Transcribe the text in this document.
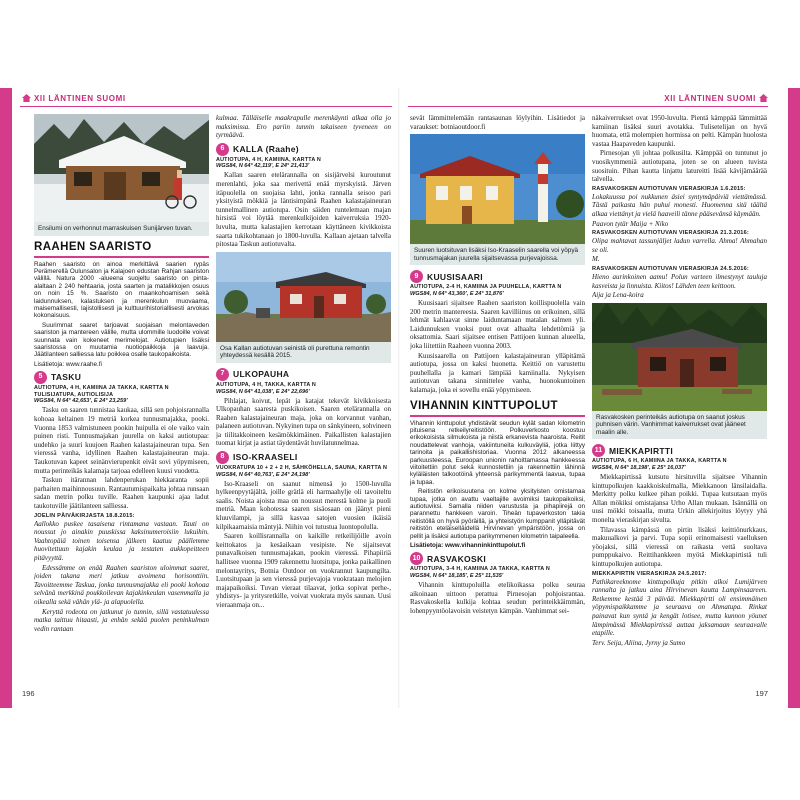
XII LÄNTINEN SUOMI
Ensilumi on verhonnut marraskuisen Sunijärven tuvan.
RAAHEN SAARISTO
Raahen saaristo on ainoa merkittävä saarien rypäs Perämerellä Oulunsalon ja Kalajoen edustan Rahjan saariston välillä. Natura 2000 -alueena suojeltu saaristo on pinta-alaltaan 2 240 hehtaaria, josta saarten ja matalikkojen osuus on noin 15 %. Saaristo on maankohoamisen sekä laidunnuksen, kalastuksen ja merenkulun muovaama, maisemallisesti, lajistollisesti ja kulttuurihistoriallisesti arvokas kokonaisuus.
Suurimmat saaret tarjoavat suojaisan melontaveden saariston ja mantereen välille, mutta ulommille luodoille voivat suunnata vain kokeneet merimelojat. Autiotupien lisäksi saaristossa on muutamia nuotiopaikkoja ja laavuja. Jäätilanteen salliessa latu poikkea osalle taukopaikoista.
Lisätietoja: www.raahe.fi
5	TASKU
AUTIOTUPA, 4 H, KAMIINA JA TAKKA, KARTTA N TULISIJATUPA, AUTIOLISIJA
WGS84, N 64° 42,653', E 24° 23,259'

Tasku on saaren tunnistaa kaukaa, sillä sen pohjoisrannalla kohoaa keltainen 19 metriä korkea tunnusmajakka, pooki. Vuonna 1853 valmistuneen pookin huipulla ei ole vaiko vain puinen risti. Tunnusmajakan juurella on kaksi autiotupaa: uudehko ja suuri kuujoen Raahen kalastajaineuran tupa. Sen vieressä vanha, idyllinen Raahen kalastajaineuran maja. Taukotuvan kapeet seinänvierupenkit eivät sovi yöpymiseen, mutta perinteikäs kalamaja tarjoaa edelleen kuusi vuodetta.

Taskun itärannan lahdenperukan hiekkaranta sopii parhaiten maihinnousuun. Rantautumispaikalta johtaa runsaan sadan metrin polku tuville. Raahen kaupunki ajaa ladut taukotuville jäätilanteen salliessa.

JOELIN PÄIVÄKIRJASTA 18.8.2015:

Aallokko puskee tasaisena rintamana vastaan. Tauti on noussut jo ainakin puuskissa kaksinumeroisiin lukuihin. Vaahtopäiä toinen toisensa jälkeen kaatuu päällemme huovitettuun kajakin keulaa ja testaten aukkopeitteen pitävyyttä.

Edessämme on enää Raahen saariston uloimmat saaret, joiden takana meri jatkuu avoimena horisonttiin. Tavoitteemme Taskua, jonka tunnusmajakka eli pooki kohoaa selvänä merkkinä poukkoilevan kajakinkeulan vasemmalla ja oikealla sekä vähän ylä- ja alapuolella.

Keryttä rodeota on jatkunut jo tunnin, sillä vastatuulessa matka taittuu hitaasti, ja enhän sekää puolen peninkulman vedin rantaan

kulmaa. Tälläiselle maakrapulle merenkäynti alkaa olla jo maksimissa. Ero pariin tunnin takaiseen tyveneen on tyrmäävä.

6	KALLA (Raahe)
AUTIOTUPA, 4 H, KAMIINA, KARTTA N
WGS84, N 64° 42,119', E 24° 21,413'

Kallan saaren etelärannalla on sisijärvelsi kuroutunut merenlahti, joka saa merivettä enää myrskyistä. Järven itäpuolella on suojaisa lahti, jonka rannalla seisoo pari yksityistä mökkiä ja läntisimpänä Raahen kalastajaineuran tunnelmallinen autiotupa. Osin säiden runtelemaan majan hirsistä voi löytää merenkulkijoiden kaiverruksia 1920-luvulta, mutta kalastajien kerrotaan käyttäneen kivikkoista saarta tukikohtanaan jo 1800-luvulla. Kallaan ajetaan talvella pitostaa Taskun autiotuvalta.

Osa Kallan autiotuvan seinistä oli purettuna remontin yhteydessä kesällä 2015.
7	ULKOPAUHA
AUTIOTUPA, 4 H, TAKKA, KARTTA N
WGS84, N 64° 41,038', E 24° 22,696'

Pihlajat, koivut, lepät ja katajat tekevät kivikkoisesta Ulkopauhan saaresta puskikoisen. Saaren etelärannalla on Raahen kalastajaineuran maja, joka on korvannut vanhan, palaneen autiotuvan. Nykyinen tupa on sänkyineen, sohvineen ja tiilitakkoineen kesämökkimäinen. Paikallisten kalastajien tuomat kirjat ja astiat täydentävät huvilatunnelmaa.

8	ISO-KRAASELI
VUOKRATUPA 10 + 2 + 2 H, SÄHKÖHELLA, SAUNA, KARTTA N
WGS84, N 64° 40,763', E 24° 24,198'

Iso-Kraaseli on saanut nimensä jo 1500-luvulla hylkeenpyytäjältä, joille grätlä eli harmaahylje oli tavoiteltu saalis. Noista ajoista maa on noussut merestä kolme ja puoli metriä. Maan kohotessa saaren sisäosaan on jäänyt pieni kluuvilampi, ja sillä kasvaa satojen vuosien ikäisiä kilpikaarnaisia mäntyjä. Niihin voi tutustua luontopolulla.

Saaren koillisrannalla on kaikille retkeilijöille avoin keittokatos ja kesäaikaan vesipiste. Ne sijaitsevat punavalkoisen tunnusmajakan, pookin vieressä. Pihapiiriä hallitsee vuonna 1909 rakennettu luotsitupa, jonka paikallinen melontayritys, Botnia Outdoor on vuokrannut kaupungilta. Luotsitupaan ja sen vieressä purjevajoja vuokrataan melojien majapaikoiksi. Tuvan vieraat tilaavat, jotka sopivat perhe-, yhdistys- ja yritysretkille, voivat vuokrata myös saunan. Uusi vieraanmaja on...

196
XII LÄNTINEN SUOMI

sevät lämmittelemään rantasaunan löylyihin. Lisätiedot ja varaukset: botniaoutdoor.fi

Suuren luotsituvan lisäksi Iso-Kraaselin saarella voi yöpyä tunnusmajakan juurella sijaitsevassa purjevajoissa.
9	KUUSISAARI
AUTIOTUPA, 2-4 H, KAMIINA JA PUUHELLA, KARTTA N
WGS84, N 64° 43,360', E 24° 31,876'

Kuusisaari sijaitsee Raahen saariston koillispuolella vain 200 metrin mantereesta. Saaren kavilliinus on erikoinen, sillä lehmät kahlaavat sinne laiduntamaan matalan salmen yli. Laidunnuksen vuoksi puut ovat alhaalta lehdettömiä ja oksattomia. Saari sijaitsee entisen Pattijoen kunnan alueella, joka liitettiin Raaheen vuonna 2003.

Kuusisaarella on Pattijoen kalastajaineuran ylläpitämä autiotupa, jossa on kaksi huonetta. Keittiö on varustettu puuhellalla ja kamari lämpiää kamiinalla. Nykyisen autiotuvan takana sinnittelee vanha, huonokuntoinen kalamaja, joka ei sovellu enää yöpymiseen.

VIHANNIN KINTTUPOLUT
Vihannin kinttupolut yhdistävät seudun kylät sadan kilometrin pituisena retkeilyreitistöön. Polkuverkosto koostuu erikokoisista silmukoista ja niistä erkanevista haaroista. Reitit noudattelevat vanhoja, vakiintuneita kulkuväyliä, jotka liittyy tarinoita ja paikallishistoriaa. Vuonna 2012 alkaneessa parkuusteessa, Euroopan unionin rahoittamassa hankkeessa viitoitettiin polut sekä kunnostettiin ja rakennettiin lähinnä kyläläisten talkootöinä yhteensä parikymmentä laavua, tupaa ja tupaa.
Reitistön erikoisuutena on kolme yksityisten omistamaa tupaa, jotka on avattu vaeltajille avoimiksi taukopaikoiksi, autiotuviksi. Samalla niiden varustusta ja pihapiirejä on parannettu hankkeen varoin. Tiheän tupaverkoston takia reitistöllä on hyvä pyöräillä, ja yhteistyön kumppanit ylläpitävät reitistön eteläiselläidellä Hirvinevan ympäristöön, jossa on pellit ja lisäksi autiotupa parikymmenen kilometrin taipaleella.
Lisätietoja: www.vihanninkinttupolut.fi
10 RASVAKOSKI
AUTIOTUPA, 3-4 H, KAMIINA JA TAKKA, KARTTA N
WGS84, N 64° 18,185', E 25° 11,535'

Vihannin kinttupoluilla etelikoikassa polku seuraa aikoinaan uittoon perattua Pirnesojan pohjoisrantaa. Rasvakoskella kulkija kohtaa seudun perinteikkäimmän, lohenpyyntöolavoisin veistetyn kämpän. Vanhimmat sei-

näkaiverrukset ovat 1950-luvulta. Pientä kämppää lämmittää kamiinan lisäksi suuri avotakka. Tulisetelijan on hyvä huomata, että molempien hormissa on pelti. Kämpän huolosta vastaa Haapaveden kaupunki.

Pirnesojan yli johtaa polkusilta. Kämppää on tuntunut jo vuosikymmeniä autiotupana, joten se on alueen tuvista suosituin. Pihan kautta linjattu latureitti lisää kävijämäärää talvella.

RASVAKOSKEN AUTIOTUVAN VIERASKIRJA 1.6.2015:

Lokakuussa poi nukkunen äsiei syntymäpäiviä viettämässä. Tästä paikasta hän puhui monesti. Huomenna sitä täältä alkaa viettänyt ja vielä haaveili tänne pääsevänsä käymään.

Paavon tytär Maija + Niko

RASVAKOSKEN AUTIOTUVAN VIERASKIRJA 21.3.2016:

Olipa mahtavat tassunjäljet ladun varrella. Ahma! Ahmahan se oli.

M.

RASVAKOSKEN AUTIOTUVAN VIERASKIRJA 24.5.2016:

Hieno aurinkoinen aamu! Polun varteen ilmestynyt tauluja kasveista ja linnuista. Kiitos! Lähden teen keittoon.

Aija ja Lena-koira

Rasvakosken perinteikäs autiotupa on saanut joskus puhnisen värin. Vanhimmat kaiverrukset ovat jääneet maalin alle.
11 MIEKKAPIRTTI
AUTIOTUPA, 6 H, KAMIINA JA TAKKA, KARTTA N
WGS84, N 64° 18,198', E 25° 16,037'

Miekkapirtissä kutsutu hirsituvilla sijaitsee Vihannin kinttupolkujen kaakkoiskulmalla, Miekkanoon länsilaidalla. Merkitty polku kulkee pihan poikki. Tupaa kutsutaan myös Allan mökiksi omistajansa Urho Allan mukaan. Isännällä on uusi mökki toisaalla, mutta Urkin allekirjoitus löytyy yhä monelta vieraskirjan sivulta.

Tilavassa kämpässä on pirtin lisäksi keittiönurkkaus, makuualkovi ja parvi. Tupa sopii erinomaisesti vaelluksen yöojaksi, sillä vieressä on raikasta vettä suoltava pumppukaivo. Reittihankkeen myötä Miekkapirtistä tuli kinttupolkujen autiotupa.

MIEKKAPIRTIN VIERASKIRJA 24.5.2017:

Pathikareeknome kinttupolkuja pitkin alkoi Lumijärven rannalta ja jatkuu aina Hirvinevan kautta Lampinsaareen. Retkemme kestää 3 päivää. Miekkapirtti oli ensimmäinen yöpymispaikkamme ja seuraava on Ahmatupa. Rinkat painavat kun syntä ja kengät lotisee, mutta kunnon yöunet lämpimässä Miekkapirtissä auttaa jaksamaan seuraavalle etapille.

Terv. Seija, Aliina, Jyrny ja Sumo

197
